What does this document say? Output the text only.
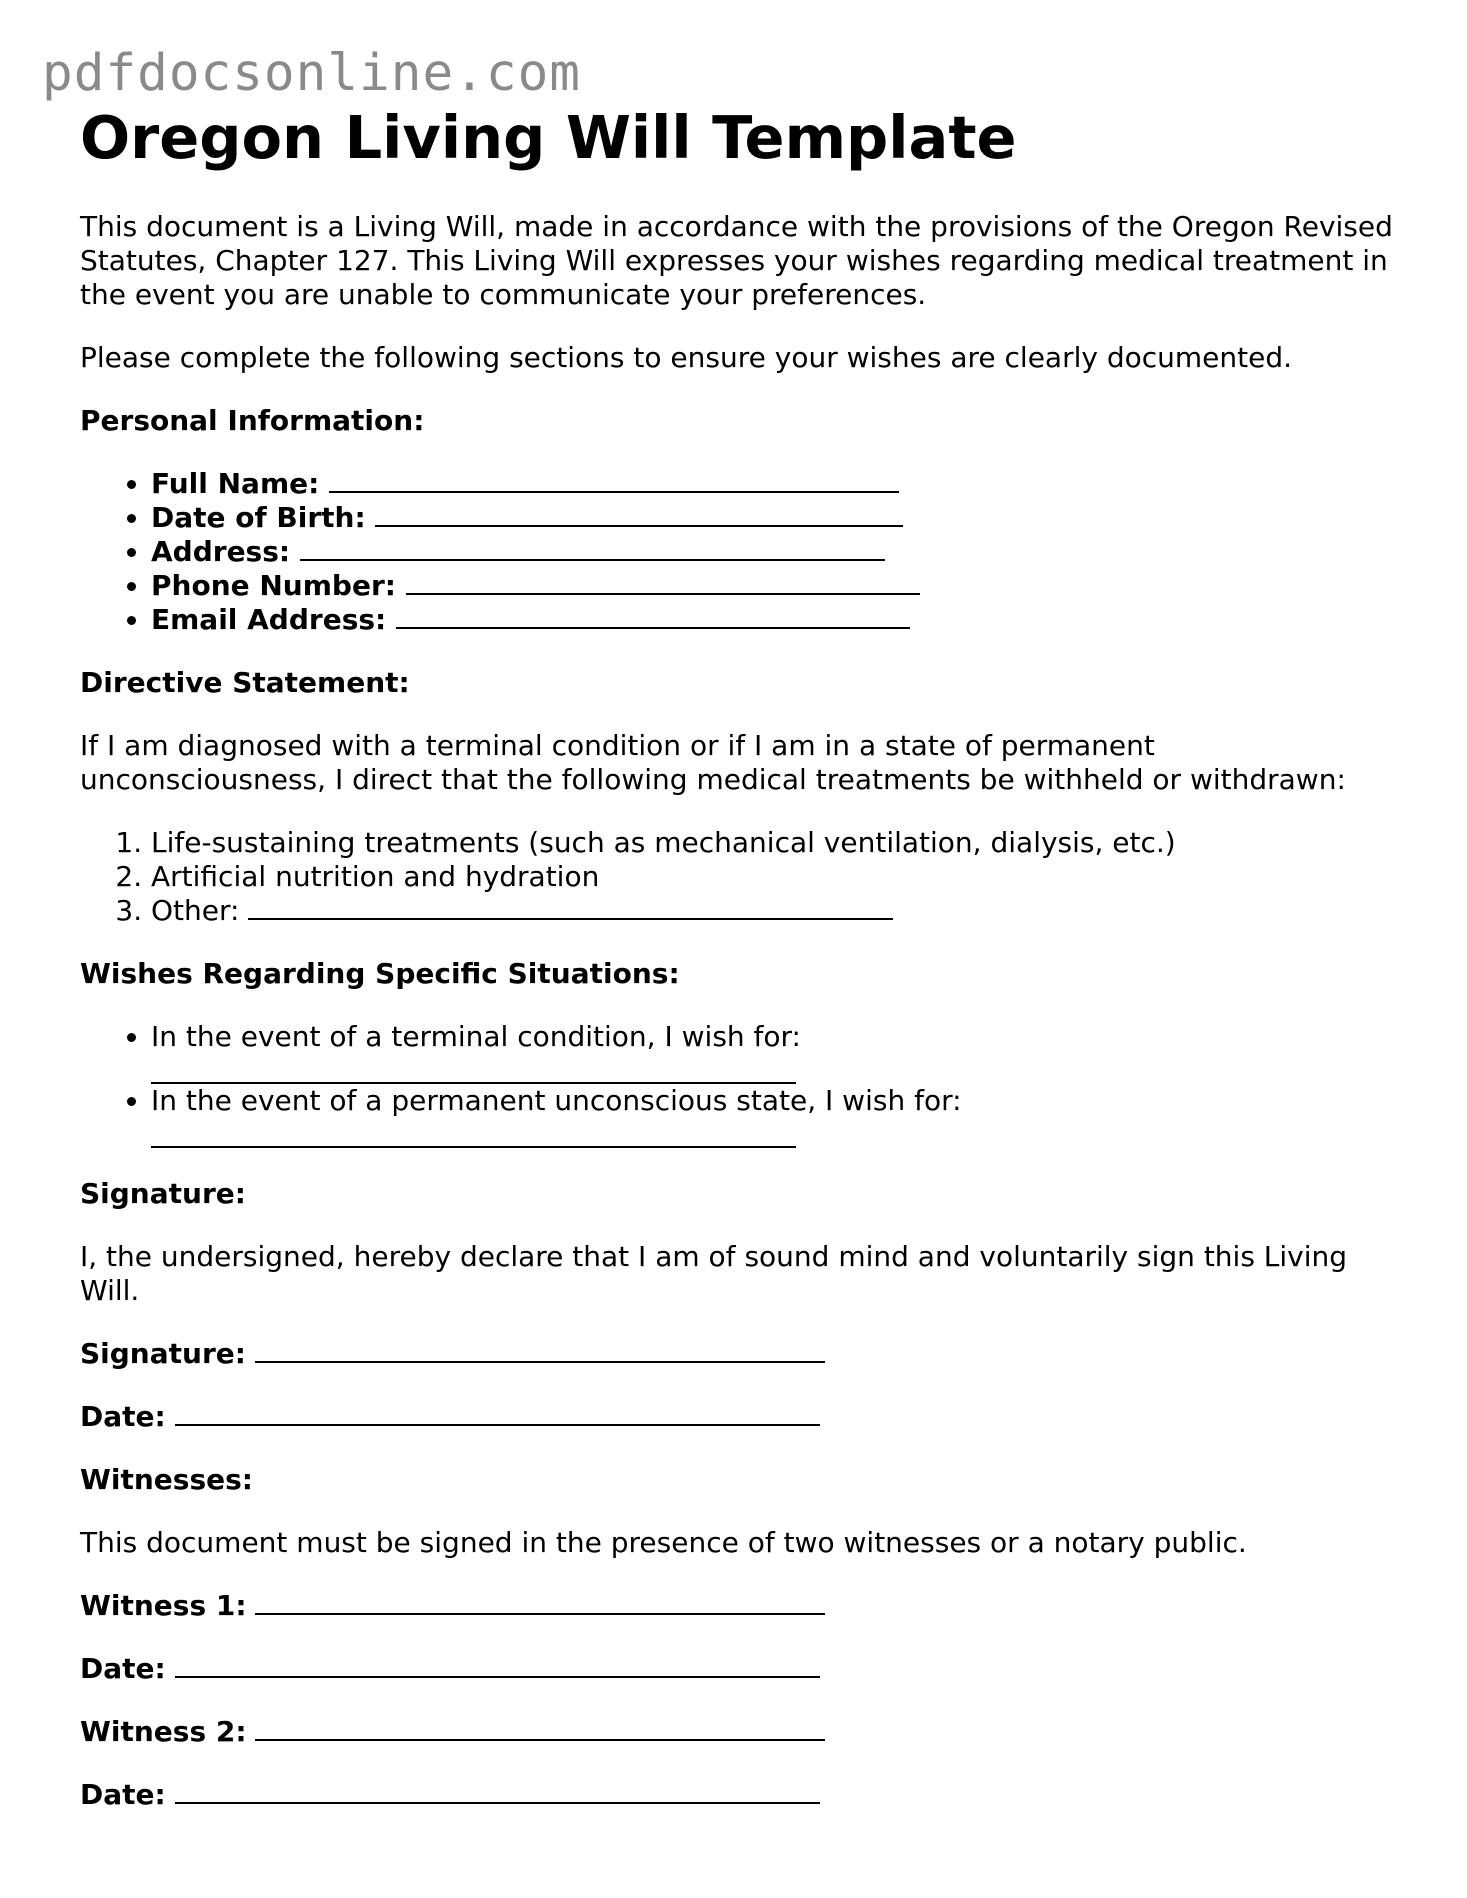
pdfdocsonline.com
Oregon Living Will Template

This document is a Living Will, made in accordance with the provisions of the Oregon Revised Statutes, Chapter 127. This Living Will expresses your wishes regarding medical treatment in the event you are unable to communicate your preferences.

Please complete the following sections to ensure your wishes are clearly documented.

Personal Information:

• Full Name:
• Date of Birth:
• Address:
• Phone Number:
• Email Address:

Directive Statement:

If I am diagnosed with a terminal condition or if I am in a state of permanent unconsciousness, I direct that the following medical treatments be withheld or withdrawn:

1. Life-sustaining treatments (such as mechanical ventilation, dialysis, etc.)
2. Artificial nutrition and hydration
3. Other:

Wishes Regarding Specific Situations:

• In the event of a terminal condition, I wish for:
• In the event of a permanent unconscious state, I wish for:

Signature:

I, the undersigned, hereby declare that I am of sound mind and voluntarily sign this Living Will.

Signature:

Date:

Witnesses:

This document must be signed in the presence of two witnesses or a notary public.

Witness 1:

Date:

Witness 2:

Date:
